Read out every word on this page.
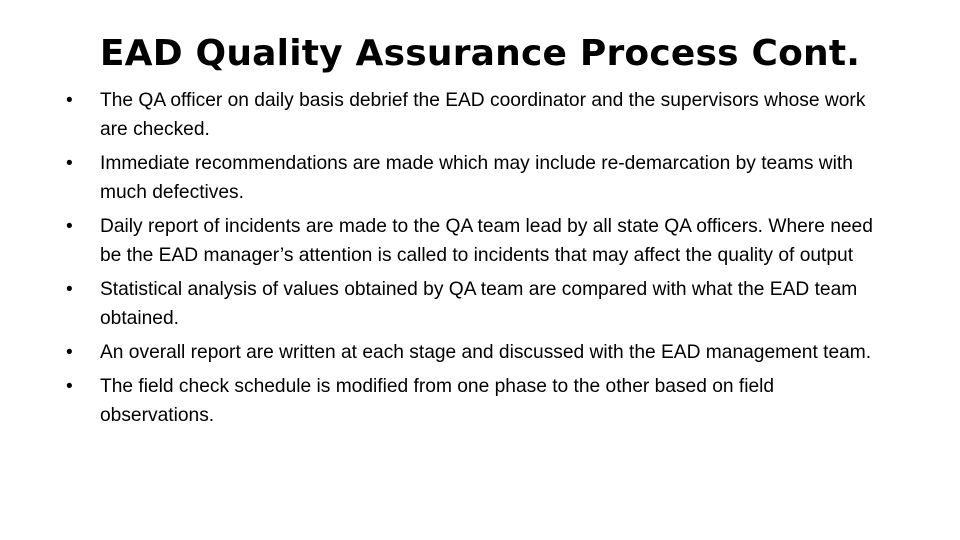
EAD Quality Assurance Process Cont.
•	The QA officer on daily basis debrief the EAD coordinator and the supervisors whose work are checked.
•	Immediate recommendations are made which may include re-demarcation by teams with much defectives.
•	Daily report of incidents are made to the QA team lead by all state QA officers. Where need be the EAD manager’s attention is called to incidents that may affect the quality of output
•	Statistical analysis of values obtained by QA team are compared with what the EAD team obtained.
•	An overall report are written at each stage and discussed with the EAD management team.
•	The field check schedule is modified from one phase to the other based on field observations.
